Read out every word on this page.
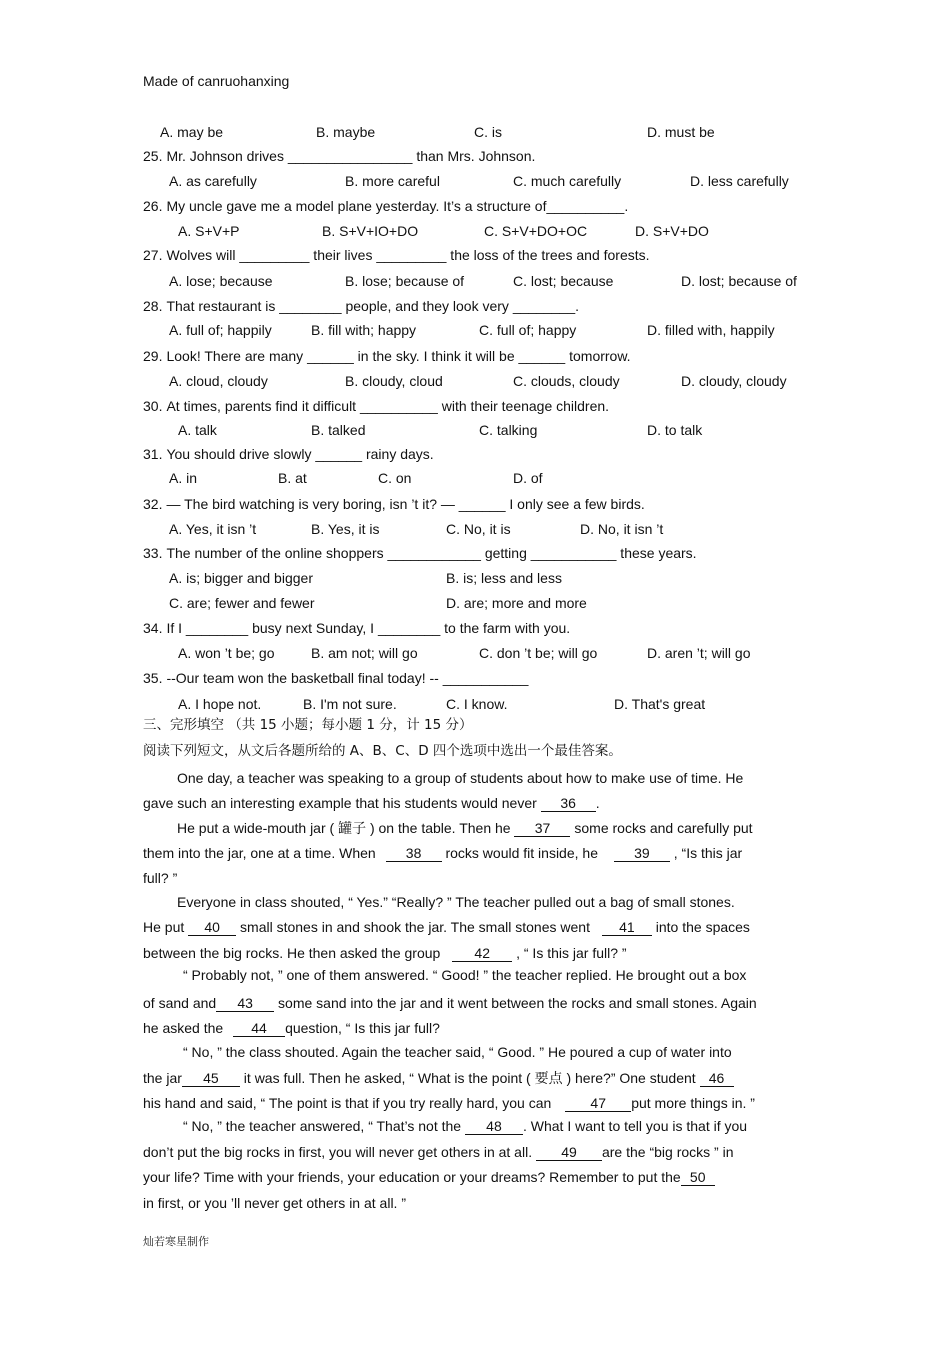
Made of canruohanxing
A. may be	B. maybe	C. is	D. must be
25. Mr. Johnson drives ________________ than Mrs. Johnson.
A. as carefully	B. more careful	C. much carefully	D. less carefully
26. My uncle gave me a model plane yesterday. It’s a structure of__________.
A. S+V+P	B. S+V+IO+DO	C. S+V+DO+OC	D. S+V+DO
27. Wolves will _________ their lives _________ the loss of the trees and forests.
A. lose; because	B. lose; because of	C. lost; because	D. lost; because of
28. That restaurant is ________ people, and they look very ________.
A. full of; happily	B. fill with; happy	C. full of; happy	D. filled with, happily
29. Look! There are many ______ in the sky. I think it will be ______ tomorrow.
A. cloud, cloudy	B. cloudy, cloud	C. clouds, cloudy	D. cloudy, cloudy
30. At times, parents find it difficult __________ with their teenage children.
A. talk	B. talked	C. talking	D. to talk
31. You should drive slowly ______ rainy days.
A. in	B. at	C. on	D. of
32. — The bird watching is very boring, isn ’t it? — ______ I only see a few birds.
A. Yes, it isn ’t	B. Yes, it is	C. No, it is	D. No, it isn ’t
33. The number of the online shoppers ____________ getting ___________ these years.
A. is; bigger and bigger	B. is; less and less
C. are; fewer and fewer	D. are; more and more
34. If I ________ busy next Sunday, I ________ to the farm with you.
A. won ’t be; go	B. am not; will go	C. don ’t be; will go	D. aren ’t; will go
35. --Our team won the basketball final today! -- ___________
A. I hope not.	B. I'm not sure.	C. I know.	D. That's great
三、完形填空 （共 15 小题；每小题 1 分，计 15 分）
阅读下列短文，从文后各题所给的 A、B、C、D 四个选项中选出一个最佳答案。
One day, a teacher was speaking to a group of students about how to make use of time. He
gave such an interesting example that his students would never 36 .
He put a wide-mouth jar ( 罐子 ) on the table. Then he 37 some rocks and carefully put
them into the jar, one at a time. When 38 rocks would fit inside, he 39 , “Is this jar
full? ”
Everyone in class shouted, “ Yes.” “Really? ” The teacher pulled out a bag of small stones.
He put 40 small stones in and shook the jar. The small stones went 41 into the spaces
between the big rocks. He then asked the group 42 , “ Is this jar full? ”
“ Probably not, ” one of them answered. “ Good! ” the teacher replied. He brought out a box
of sand and 43 some sand into the jar and it went between the rocks and small stones. Again
he asked the 44 question, “ Is this jar full?
“ No, ” the class shouted. Again the teacher said, “ Good. ” He poured a cup of water into
the jar 45 it was full. Then he asked, “ What is the point ( 要点 ) here?” One student 46
his hand and said, “ The point is that if you try really hard, you can	47 put more things in. ”
“ No, ” the teacher answered, “ That’s not the 48 . What I want to tell you is that if you
don’t put the big rocks in first, you will never get others in at all. 49 are the “big rocks ” in
your life? Time with your friends, your education or your dreams? Remember to put the 50
in first, or you ’ll never get others in at all. ”
灿若寒星制作
